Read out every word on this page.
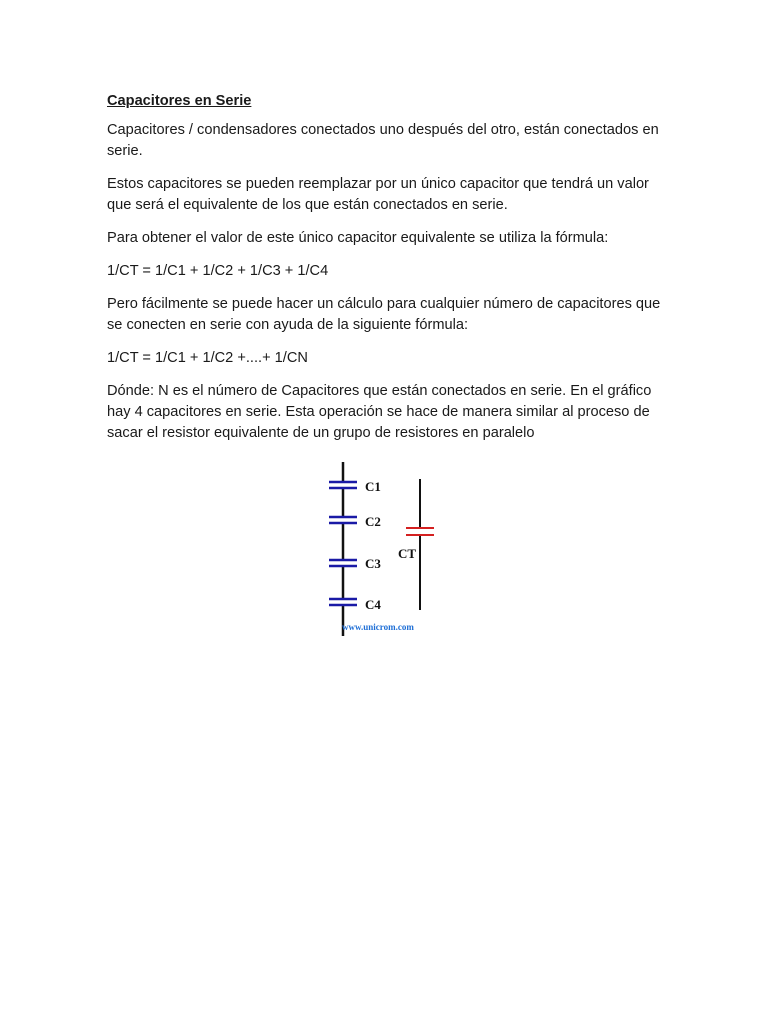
Capacitores en Serie

Capacitores / condensadores conectados uno después del otro, están conectados en serie.

Estos capacitores se pueden reemplazar por un único capacitor que tendrá un valor que será el equivalente de los que están conectados en serie.

Para obtener el valor de este único capacitor equivalente se utiliza la fórmula:

1/CT = 1/C1 + 1/C2 + 1/C3 + 1/C4

Pero fácilmente se puede hacer un cálculo para cualquier número de capacitores que se conecten en serie con ayuda de la siguiente fórmula:

1/CT = 1/C1 + 1/C2 +....+ 1/CN

Dónde: N es el número de Capacitores que están conectados en serie. En el gráfico hay 4 capacitores en serie. Esta operación se hace de manera similar al proceso de sacar el resistor equivalente de un grupo de resistores en paralelo

C1
C2
C3
C4
CT
www.unicrom.com
